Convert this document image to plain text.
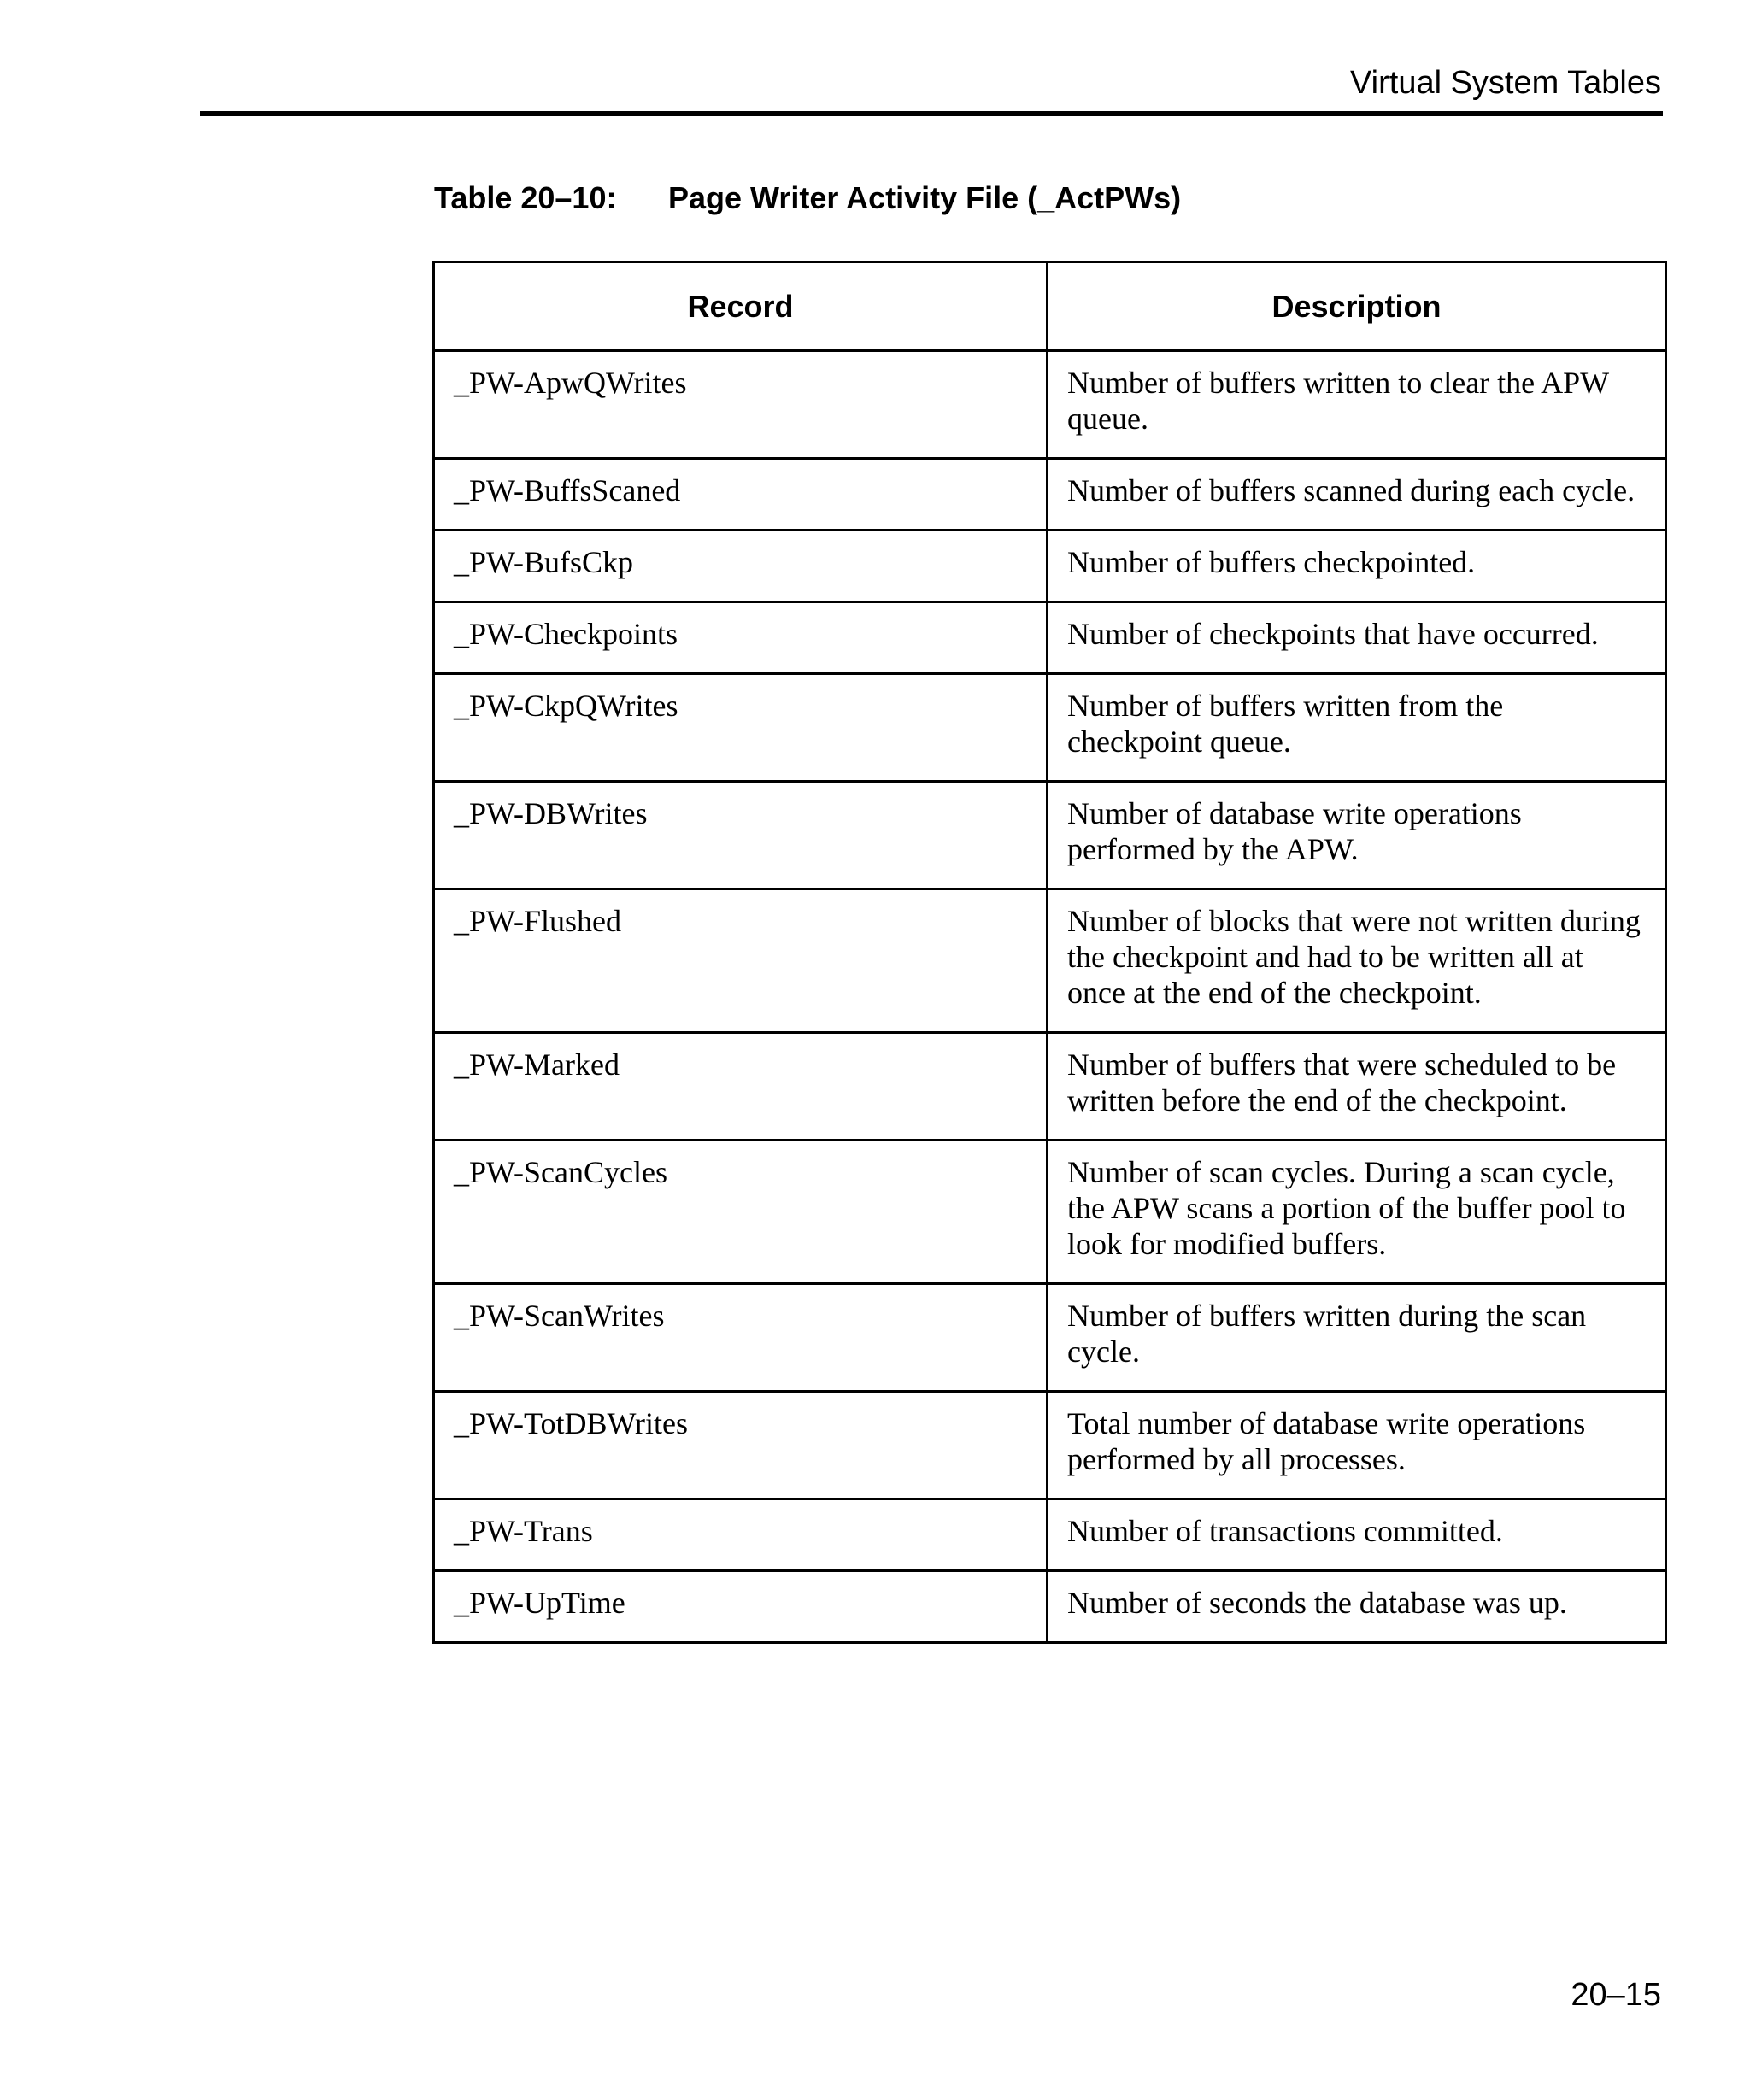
Virtual System Tables
Table 20–10: Page Writer Activity File (_ActPWs)
Record	Description
_PW-ApwQWrites	Number of buffers written to clear the APW queue.
_PW-BuffsScaned	Number of buffers scanned during each cycle.
_PW-BufsCkp	Number of buffers checkpointed.
_PW-Checkpoints	Number of checkpoints that have occurred.
_PW-CkpQWrites	Number of buffers written from the checkpoint queue.
_PW-DBWrites	Number of database write operations performed by the APW.
_PW-Flushed	Number of blocks that were not written during the checkpoint and had to be written all at once at the end of the checkpoint.
_PW-Marked	Number of buffers that were scheduled to be written before the end of the checkpoint.
_PW-ScanCycles	Number of scan cycles. During a scan cycle, the APW scans a portion of the buffer pool to look for modified buffers.
_PW-ScanWrites	Number of buffers written during the scan cycle.
_PW-TotDBWrites	Total number of database write operations performed by all processes.
_PW-Trans	Number of transactions committed.
_PW-UpTime	Number of seconds the database was up.
20–15
